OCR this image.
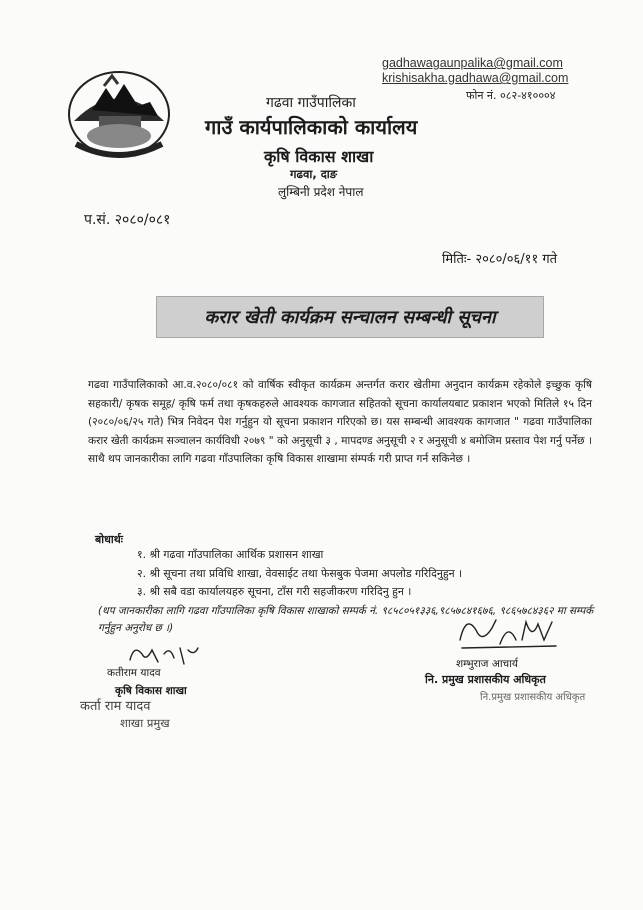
gadhawagaunpalika@gmail.com
krishisakha.gadhawa@gmail.com
फोन नं. ०८२-४१०००४
गढवा गाउँपालिका
गाउँ कार्यपालिकाको कार्यालय
कृषि विकास शाखा
गढवा, दाङ
लुम्बिनी प्रदेश नेपाल
प.सं. २०८०/०८१
मितिः- २०८०/०६/११ गते
करार खेती कार्यक्रम सन्चालन सम्बन्धी सूचना
गढवा गाउँपालिकाको आ.व.२०८०/०८१ को वार्षिक स्वीकृत कार्यक्रम अन्तर्गत करार खेतीमा अनुदान कार्यक्रम रहेकोले इच्छुक कृषि सहकारी/ कृषक समूह/ कृषि फर्म तथा कृषकहरुले आवश्यक कागजात सहितको सूचना कार्यालयबाट प्रकाशन भएको मितिले १५ दिन (२०८०/०६/२५ गते) भित्र निवेदन पेश गर्नुहुन यो सूचना प्रकाशन गरिएको छ। यस सम्बन्धी आवश्यक कागजात " गढवा गाउँपालिका करार खेती कार्यक्रम सञ्चालन कार्यविधी २०७९ " को अनुसूची ३ , मापदण्ड अनुसूची २ र अनुसूची ४ बमोजिम प्रस्ताव पेश गर्नु पर्नेछ ।साथै थप जानकारीका लागि गढवा गाँउपालिका कृषि विकास शाखामा संम्पर्क गरी प्राप्त गर्न सकिनेछ ।
बोधार्थः
१. श्री गढवा गाँउपालिका आर्थिक प्रशासन शाखा
२. श्री सूचना तथा प्रविधि शाखा, वेवसाईट तथा फेसबुक पेजमा अपलोड गरिदिनुहुन ।
३. श्री सबै वडा कार्यालयहरु सूचना, टाँस गरी सहजीकरण गरिदिनु हुन ।
(थप जानकारीका लागि गढवा गाँउपालिका कृषि विकास शाखाको सम्पर्क नं. ९८५८०५१३३६,९८५७८४१६७६, ९८६५७८४३६२ मा सम्पर्क गर्नुहुन अनुरोध छ ।)
कतीराम यादव
कृषि विकास शाखा
कर्ता राम यादव
शाखा प्रमुख
शम्भुराज आचार्य
नि. प्रमुख प्रशासकीय अधिकृत
नि.प्रमुख प्रशासकीय अधिकृत
